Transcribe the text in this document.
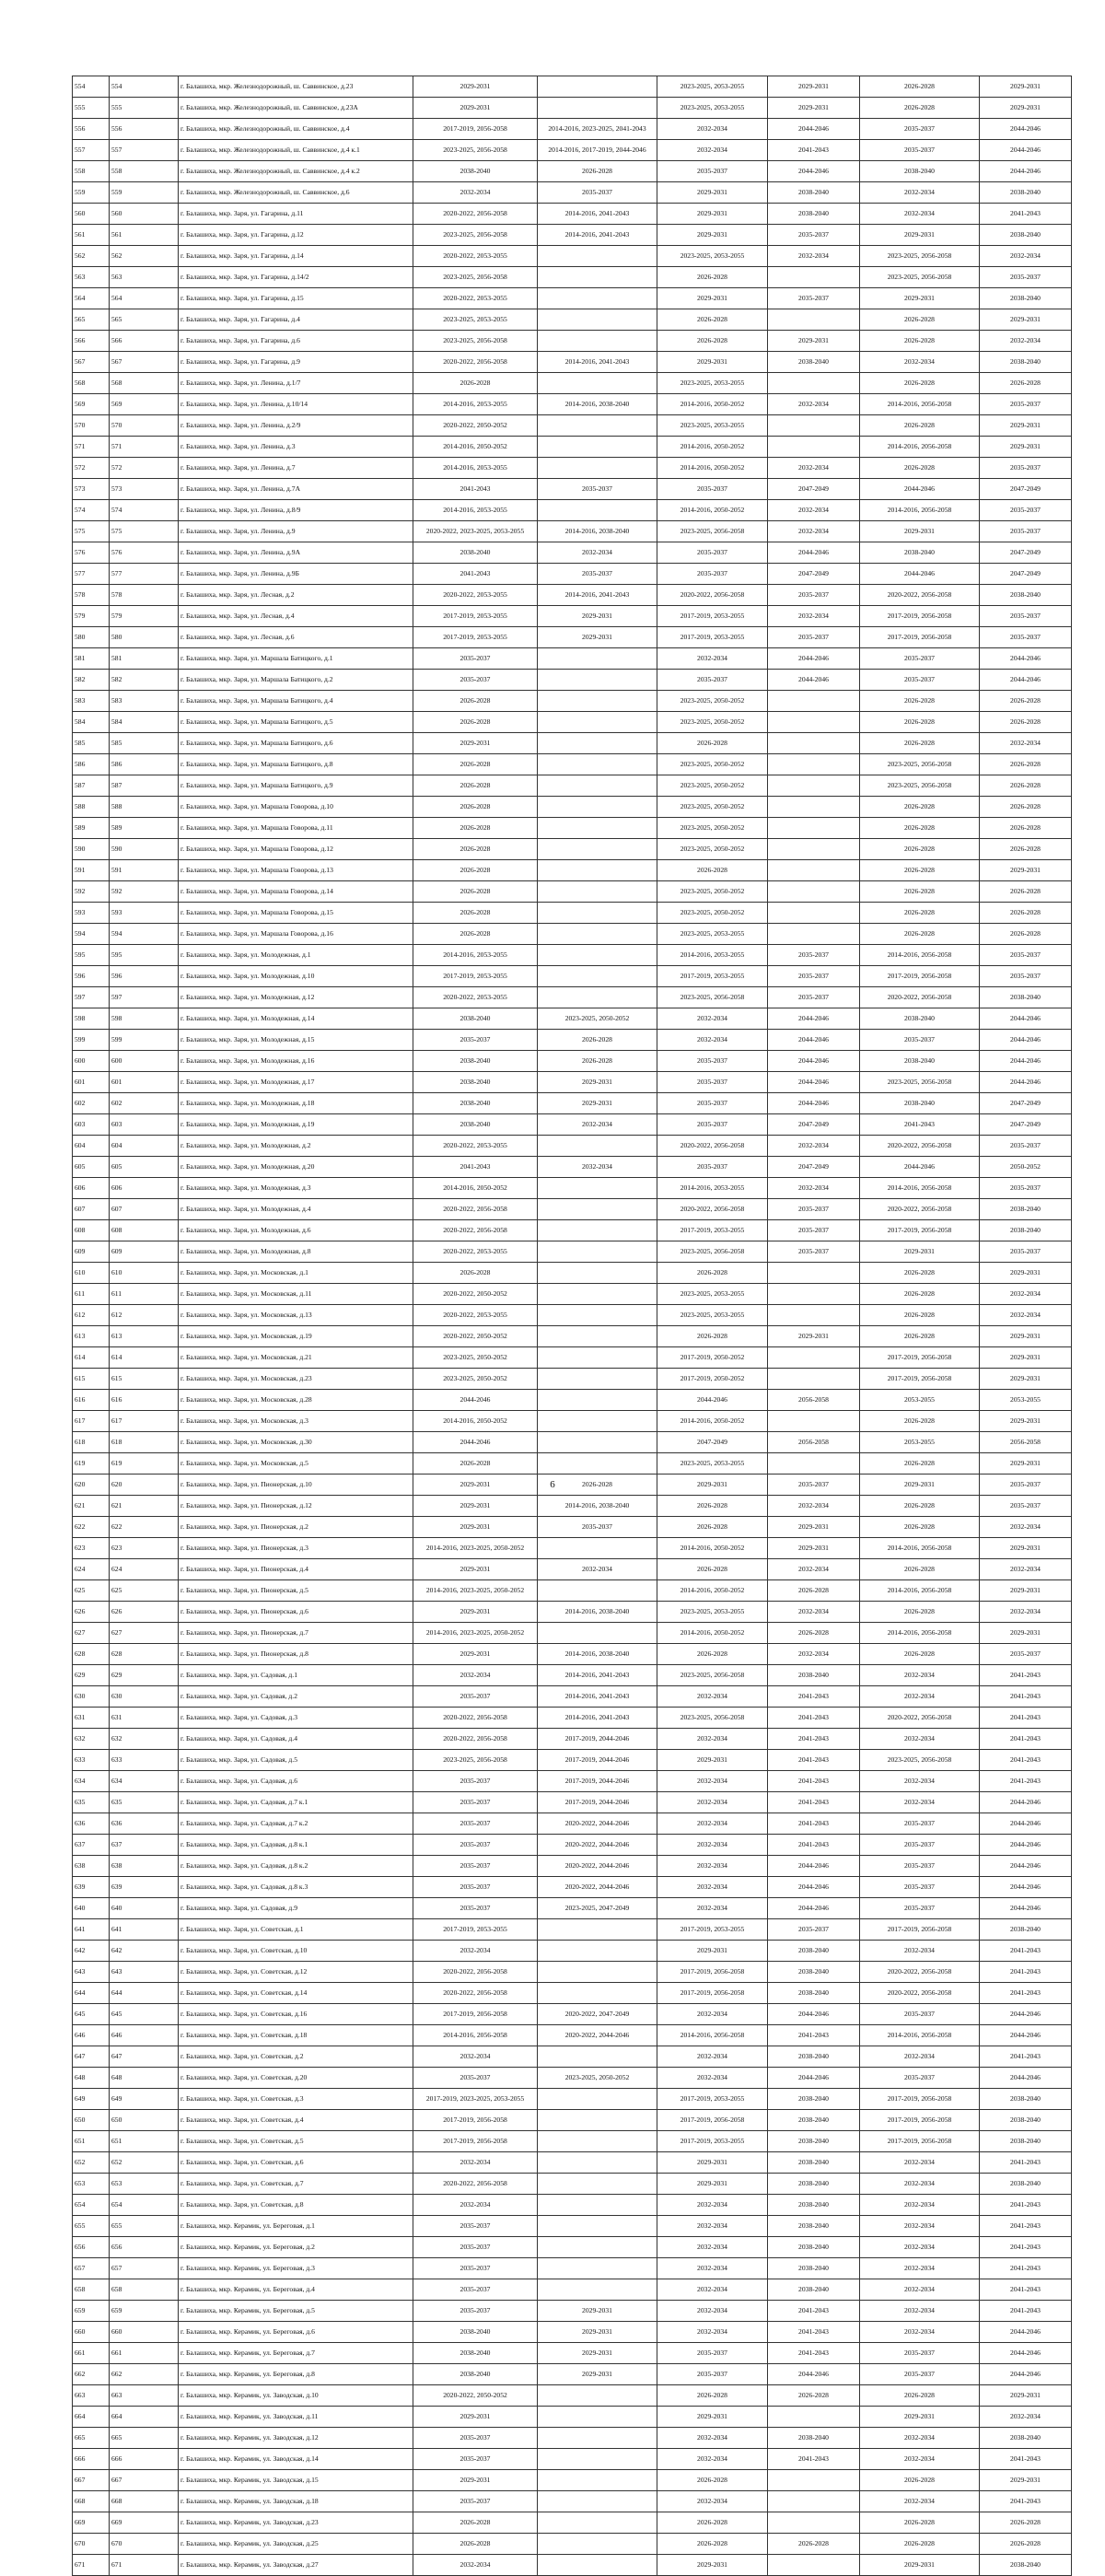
554	554	г. Балашиха, мкр. Железнодорожный, ш. Саввинское, д.23	2029-2031		2023-2025, 2053-2055	2029-2031	2026-2028	2029-2031
555	555	г. Балашиха, мкр. Железнодорожный, ш. Саввинское, д.23А	2029-2031		2023-2025, 2053-2055	2029-2031	2026-2028	2029-2031
556	556	г. Балашиха, мкр. Железнодорожный, ш. Саввинское, д.4	2017-2019, 2056-2058	2014-2016, 2023-2025, 2041-2043	2032-2034	2044-2046	2035-2037	2044-2046
557	557	г. Балашиха, мкр. Железнодорожный, ш. Саввинское, д.4 к.1	2023-2025, 2056-2058	2014-2016, 2017-2019, 2044-2046	2032-2034	2041-2043	2035-2037	2044-2046
558	558	г. Балашиха, мкр. Железнодорожный, ш. Саввинское, д.4 к.2	2038-2040	2026-2028	2035-2037	2044-2046	2038-2040	2044-2046
559	559	г. Балашиха, мкр. Железнодорожный, ш. Саввинское, д.6	2032-2034	2035-2037	2029-2031	2038-2040	2032-2034	2038-2040
560	560	г. Балашиха, мкр. Заря, ул. Гагарина, д.11	2020-2022, 2056-2058	2014-2016, 2041-2043	2029-2031	2038-2040	2032-2034	2041-2043
561	561	г. Балашиха, мкр. Заря, ул. Гагарина, д.12	2023-2025, 2056-2058	2014-2016, 2041-2043	2029-2031	2035-2037	2029-2031	2038-2040
562	562	г. Балашиха, мкр. Заря, ул. Гагарина, д.14	2020-2022, 2053-2055		2023-2025, 2053-2055	2032-2034	2023-2025, 2056-2058	2032-2034
563	563	г. Балашиха, мкр. Заря, ул. Гагарина, д.14/2	2023-2025, 2056-2058		2026-2028		2023-2025, 2056-2058	2035-2037
564	564	г. Балашиха, мкр. Заря, ул. Гагарина, д.15	2020-2022, 2053-2055		2029-2031	2035-2037	2029-2031	2038-2040
565	565	г. Балашиха, мкр. Заря, ул. Гагарина, д.4	2023-2025, 2053-2055		2026-2028		2026-2028	2029-2031
566	566	г. Балашиха, мкр. Заря, ул. Гагарина, д.6	2023-2025, 2056-2058		2026-2028	2029-2031	2026-2028	2032-2034
567	567	г. Балашиха, мкр. Заря, ул. Гагарина, д.9	2020-2022, 2056-2058	2014-2016, 2041-2043	2029-2031	2038-2040	2032-2034	2038-2040
568	568	г. Балашиха, мкр. Заря, ул. Ленина, д.1/7	2026-2028		2023-2025, 2053-2055		2026-2028	2026-2028
569	569	г. Балашиха, мкр. Заря, ул. Ленина, д.10/14	2014-2016, 2053-2055	2014-2016, 2038-2040	2014-2016, 2050-2052	2032-2034	2014-2016, 2056-2058	2035-2037
570	570	г. Балашиха, мкр. Заря, ул. Ленина, д.2/9	2020-2022, 2050-2052		2023-2025, 2053-2055		2026-2028	2029-2031
571	571	г. Балашиха, мкр. Заря, ул. Ленина, д.3	2014-2016, 2050-2052		2014-2016, 2050-2052		2014-2016, 2056-2058	2029-2031
572	572	г. Балашиха, мкр. Заря, ул. Ленина, д.7	2014-2016, 2053-2055		2014-2016, 2050-2052	2032-2034	2026-2028	2035-2037
573	573	г. Балашиха, мкр. Заря, ул. Ленина, д.7А	2041-2043	2035-2037	2035-2037	2047-2049	2044-2046	2047-2049
574	574	г. Балашиха, мкр. Заря, ул. Ленина, д.8/9	2014-2016, 2053-2055		2014-2016, 2050-2052	2032-2034	2014-2016, 2056-2058	2035-2037
575	575	г. Балашиха, мкр. Заря, ул. Ленина, д.9	2020-2022, 2023-2025, 2053-2055	2014-2016, 2038-2040	2023-2025, 2056-2058	2032-2034	2029-2031	2035-2037
576	576	г. Балашиха, мкр. Заря, ул. Ленина, д.9А	2038-2040	2032-2034	2035-2037	2044-2046	2038-2040	2047-2049
577	577	г. Балашиха, мкр. Заря, ул. Ленина, д.9Б	2041-2043	2035-2037	2035-2037	2047-2049	2044-2046	2047-2049
578	578	г. Балашиха, мкр. Заря, ул. Лесная, д.2	2020-2022, 2053-2055	2014-2016, 2041-2043	2020-2022, 2056-2058	2035-2037	2020-2022, 2056-2058	2038-2040
579	579	г. Балашиха, мкр. Заря, ул. Лесная, д.4	2017-2019, 2053-2055	2029-2031	2017-2019, 2053-2055	2032-2034	2017-2019, 2056-2058	2035-2037
580	580	г. Балашиха, мкр. Заря, ул. Лесная, д.6	2017-2019, 2053-2055	2029-2031	2017-2019, 2053-2055	2035-2037	2017-2019, 2056-2058	2035-2037
581	581	г. Балашиха, мкр. Заря, ул. Маршала Батицкого, д.1	2035-2037		2032-2034	2044-2046	2035-2037	2044-2046
582	582	г. Балашиха, мкр. Заря, ул. Маршала Батицкого, д.2	2035-2037		2035-2037	2044-2046	2035-2037	2044-2046
583	583	г. Балашиха, мкр. Заря, ул. Маршала Батицкого, д.4	2026-2028		2023-2025, 2050-2052		2026-2028	2026-2028
584	584	г. Балашиха, мкр. Заря, ул. Маршала Батицкого, д.5	2026-2028		2023-2025, 2050-2052		2026-2028	2026-2028
585	585	г. Балашиха, мкр. Заря, ул. Маршала Батицкого, д.6	2029-2031		2026-2028		2026-2028	2032-2034
586	586	г. Балашиха, мкр. Заря, ул. Маршала Батицкого, д.8	2026-2028		2023-2025, 2050-2052		2023-2025, 2056-2058	2026-2028
587	587	г. Балашиха, мкр. Заря, ул. Маршала Батицкого, д.9	2026-2028		2023-2025, 2050-2052		2023-2025, 2056-2058	2026-2028
588	588	г. Балашиха, мкр. Заря, ул. Маршала Говорова, д.10	2026-2028		2023-2025, 2050-2052		2026-2028	2026-2028
589	589	г. Балашиха, мкр. Заря, ул. Маршала Говорова, д.11	2026-2028		2023-2025, 2050-2052		2026-2028	2026-2028
590	590	г. Балашиха, мкр. Заря, ул. Маршала Говорова, д.12	2026-2028		2023-2025, 2050-2052		2026-2028	2026-2028
591	591	г. Балашиха, мкр. Заря, ул. Маршала Говорова, д.13	2026-2028		2026-2028		2026-2028	2029-2031
592	592	г. Балашиха, мкр. Заря, ул. Маршала Говорова, д.14	2026-2028		2023-2025, 2050-2052		2026-2028	2026-2028
593	593	г. Балашиха, мкр. Заря, ул. Маршала Говорова, д.15	2026-2028		2023-2025, 2050-2052		2026-2028	2026-2028
594	594	г. Балашиха, мкр. Заря, ул. Маршала Говорова, д.16	2026-2028		2023-2025, 2053-2055		2026-2028	2026-2028
595	595	г. Балашиха, мкр. Заря, ул. Молодежная, д.1	2014-2016, 2053-2055		2014-2016, 2053-2055	2035-2037	2014-2016, 2056-2058	2035-2037
596	596	г. Балашиха, мкр. Заря, ул. Молодежная, д.10	2017-2019, 2053-2055		2017-2019, 2053-2055	2035-2037	2017-2019, 2056-2058	2035-2037
597	597	г. Балашиха, мкр. Заря, ул. Молодежная, д.12	2020-2022, 2053-2055		2023-2025, 2056-2058	2035-2037	2020-2022, 2056-2058	2038-2040
598	598	г. Балашиха, мкр. Заря, ул. Молодежная, д.14	2038-2040	2023-2025, 2050-2052	2032-2034	2044-2046	2038-2040	2044-2046
599	599	г. Балашиха, мкр. Заря, ул. Молодежная, д.15	2035-2037	2026-2028	2032-2034	2044-2046	2035-2037	2044-2046
600	600	г. Балашиха, мкр. Заря, ул. Молодежная, д.16	2038-2040	2026-2028	2035-2037	2044-2046	2038-2040	2044-2046
601	601	г. Балашиха, мкр. Заря, ул. Молодежная, д.17	2038-2040	2029-2031	2035-2037	2044-2046	2023-2025, 2056-2058	2044-2046
602	602	г. Балашиха, мкр. Заря, ул. Молодежная, д.18	2038-2040	2029-2031	2035-2037	2044-2046	2038-2040	2047-2049
603	603	г. Балашиха, мкр. Заря, ул. Молодежная, д.19	2038-2040	2032-2034	2035-2037	2047-2049	2041-2043	2047-2049
604	604	г. Балашиха, мкр. Заря, ул. Молодежная, д.2	2020-2022, 2053-2055		2020-2022, 2056-2058	2032-2034	2020-2022, 2056-2058	2035-2037
605	605	г. Балашиха, мкр. Заря, ул. Молодежная, д.20	2041-2043	2032-2034	2035-2037	2047-2049	2044-2046	2050-2052
606	606	г. Балашиха, мкр. Заря, ул. Молодежная, д.3	2014-2016, 2050-2052		2014-2016, 2053-2055	2032-2034	2014-2016, 2056-2058	2035-2037
607	607	г. Балашиха, мкр. Заря, ул. Молодежная, д.4	2020-2022, 2056-2058		2020-2022, 2056-2058	2035-2037	2020-2022, 2056-2058	2038-2040
608	608	г. Балашиха, мкр. Заря, ул. Молодежная, д.6	2020-2022, 2056-2058		2017-2019, 2053-2055	2035-2037	2017-2019, 2056-2058	2038-2040
609	609	г. Балашиха, мкр. Заря, ул. Молодежная, д.8	2020-2022, 2053-2055		2023-2025, 2056-2058	2035-2037	2029-2031	2035-2037
610	610	г. Балашиха, мкр. Заря, ул. Московская, д.1	2026-2028		2026-2028		2026-2028	2029-2031
611	611	г. Балашиха, мкр. Заря, ул. Московская, д.11	2020-2022, 2050-2052		2023-2025, 2053-2055		2026-2028	2032-2034
612	612	г. Балашиха, мкр. Заря, ул. Московская, д.13	2020-2022, 2053-2055		2023-2025, 2053-2055		2026-2028	2032-2034
613	613	г. Балашиха, мкр. Заря, ул. Московская, д.19	2020-2022, 2050-2052		2026-2028	2029-2031	2026-2028	2029-2031
614	614	г. Балашиха, мкр. Заря, ул. Московская, д.21	2023-2025, 2050-2052		2017-2019, 2050-2052		2017-2019, 2056-2058	2029-2031
615	615	г. Балашиха, мкр. Заря, ул. Московская, д.23	2023-2025, 2050-2052		2017-2019, 2050-2052		2017-2019, 2056-2058	2029-2031
616	616	г. Балашиха, мкр. Заря, ул. Московская, д.28	2044-2046		2044-2046	2056-2058	2053-2055	2053-2055
617	617	г. Балашиха, мкр. Заря, ул. Московская, д.3	2014-2016, 2050-2052		2014-2016, 2050-2052		2026-2028	2029-2031
618	618	г. Балашиха, мкр. Заря, ул. Московская, д.30	2044-2046		2047-2049	2056-2058	2053-2055	2056-2058
619	619	г. Балашиха, мкр. Заря, ул. Московская, д.5	2026-2028		2023-2025, 2053-2055		2026-2028	2029-2031
620	620	г. Балашиха, мкр. Заря, ул. Пионерская, д.10	2029-2031	2026-2028	2029-2031	2035-2037	2029-2031	2035-2037
621	621	г. Балашиха, мкр. Заря, ул. Пионерская, д.12	2029-2031	2014-2016, 2038-2040	2026-2028	2032-2034	2026-2028	2035-2037
622	622	г. Балашиха, мкр. Заря, ул. Пионерская, д.2	2029-2031	2035-2037	2026-2028	2029-2031	2026-2028	2032-2034
623	623	г. Балашиха, мкр. Заря, ул. Пионерская, д.3	2014-2016, 2023-2025, 2050-2052		2014-2016, 2050-2052	2029-2031	2014-2016, 2056-2058	2029-2031
624	624	г. Балашиха, мкр. Заря, ул. Пионерская, д.4	2029-2031	2032-2034	2026-2028	2032-2034	2026-2028	2032-2034
625	625	г. Балашиха, мкр. Заря, ул. Пионерская, д.5	2014-2016, 2023-2025, 2050-2052		2014-2016, 2050-2052	2026-2028	2014-2016, 2056-2058	2029-2031
626	626	г. Балашиха, мкр. Заря, ул. Пионерская, д.6	2029-2031	2014-2016, 2038-2040	2023-2025, 2053-2055	2032-2034	2026-2028	2032-2034
627	627	г. Балашиха, мкр. Заря, ул. Пионерская, д.7	2014-2016, 2023-2025, 2050-2052		2014-2016, 2050-2052	2026-2028	2014-2016, 2056-2058	2029-2031
628	628	г. Балашиха, мкр. Заря, ул. Пионерская, д.8	2029-2031	2014-2016, 2038-2040	2026-2028	2032-2034	2026-2028	2035-2037
629	629	г. Балашиха, мкр. Заря, ул. Садовая, д.1	2032-2034	2014-2016, 2041-2043	2023-2025, 2056-2058	2038-2040	2032-2034	2041-2043
630	630	г. Балашиха, мкр. Заря, ул. Садовая, д.2	2035-2037	2014-2016, 2041-2043	2032-2034	2041-2043	2032-2034	2041-2043
631	631	г. Балашиха, мкр. Заря, ул. Садовая, д.3	2020-2022, 2056-2058	2014-2016, 2041-2043	2023-2025, 2056-2058	2041-2043	2020-2022, 2056-2058	2041-2043
632	632	г. Балашиха, мкр. Заря, ул. Садовая, д.4	2020-2022, 2056-2058	2017-2019, 2044-2046	2032-2034	2041-2043	2032-2034	2041-2043
633	633	г. Балашиха, мкр. Заря, ул. Садовая, д.5	2023-2025, 2056-2058	2017-2019, 2044-2046	2029-2031	2041-2043	2023-2025, 2056-2058	2041-2043
634	634	г. Балашиха, мкр. Заря, ул. Садовая, д.6	2035-2037	2017-2019, 2044-2046	2032-2034	2041-2043	2032-2034	2041-2043
635	635	г. Балашиха, мкр. Заря, ул. Садовая, д.7 к.1	2035-2037	2017-2019, 2044-2046	2032-2034	2041-2043	2032-2034	2044-2046
636	636	г. Балашиха, мкр. Заря, ул. Садовая, д.7 к.2	2035-2037	2020-2022, 2044-2046	2032-2034	2041-2043	2035-2037	2044-2046
637	637	г. Балашиха, мкр. Заря, ул. Садовая, д.8 к.1	2035-2037	2020-2022, 2044-2046	2032-2034	2041-2043	2035-2037	2044-2046
638	638	г. Балашиха, мкр. Заря, ул. Садовая, д.8 к.2	2035-2037	2020-2022, 2044-2046	2032-2034	2044-2046	2035-2037	2044-2046
639	639	г. Балашиха, мкр. Заря, ул. Садовая, д.8 к.3	2035-2037	2020-2022, 2044-2046	2032-2034	2044-2046	2035-2037	2044-2046
640	640	г. Балашиха, мкр. Заря, ул. Садовая, д.9	2035-2037	2023-2025, 2047-2049	2032-2034	2044-2046	2035-2037	2044-2046
641	641	г. Балашиха, мкр. Заря, ул. Советская, д.1	2017-2019, 2053-2055		2017-2019, 2053-2055	2035-2037	2017-2019, 2056-2058	2038-2040
642	642	г. Балашиха, мкр. Заря, ул. Советская, д.10	2032-2034		2029-2031	2038-2040	2032-2034	2041-2043
643	643	г. Балашиха, мкр. Заря, ул. Советская, д.12	2020-2022, 2056-2058		2017-2019, 2056-2058	2038-2040	2020-2022, 2056-2058	2041-2043
644	644	г. Балашиха, мкр. Заря, ул. Советская, д.14	2020-2022, 2056-2058		2017-2019, 2056-2058	2038-2040	2020-2022, 2056-2058	2041-2043
645	645	г. Балашиха, мкр. Заря, ул. Советская, д.16	2017-2019, 2056-2058	2020-2022, 2047-2049	2032-2034	2044-2046	2035-2037	2044-2046
646	646	г. Балашиха, мкр. Заря, ул. Советская, д.18	2014-2016, 2056-2058	2020-2022, 2044-2046	2014-2016, 2056-2058	2041-2043	2014-2016, 2056-2058	2044-2046
647	647	г. Балашиха, мкр. Заря, ул. Советская, д.2	2032-2034		2032-2034	2038-2040	2032-2034	2041-2043
648	648	г. Балашиха, мкр. Заря, ул. Советская, д.20	2035-2037	2023-2025, 2050-2052	2032-2034	2044-2046	2035-2037	2044-2046
649	649	г. Балашиха, мкр. Заря, ул. Советская, д.3	2017-2019, 2023-2025, 2053-2055		2017-2019, 2053-2055	2038-2040	2017-2019, 2056-2058	2038-2040
650	650	г. Балашиха, мкр. Заря, ул. Советская, д.4	2017-2019, 2056-2058		2017-2019, 2056-2058	2038-2040	2017-2019, 2056-2058	2038-2040
651	651	г. Балашиха, мкр. Заря, ул. Советская, д.5	2017-2019, 2056-2058		2017-2019, 2053-2055	2038-2040	2017-2019, 2056-2058	2038-2040
652	652	г. Балашиха, мкр. Заря, ул. Советская, д.6	2032-2034		2029-2031	2038-2040	2032-2034	2041-2043
653	653	г. Балашиха, мкр. Заря, ул. Советская, д.7	2020-2022, 2056-2058		2029-2031	2038-2040	2032-2034	2038-2040
654	654	г. Балашиха, мкр. Заря, ул. Советская, д.8	2032-2034		2032-2034	2038-2040	2032-2034	2041-2043
655	655	г. Балашиха, мкр. Керамик, ул. Береговая, д.1	2035-2037		2032-2034	2038-2040	2032-2034	2041-2043
656	656	г. Балашиха, мкр. Керамик, ул. Береговая, д.2	2035-2037		2032-2034	2038-2040	2032-2034	2041-2043
657	657	г. Балашиха, мкр. Керамик, ул. Береговая, д.3	2035-2037		2032-2034	2038-2040	2032-2034	2041-2043
658	658	г. Балашиха, мкр. Керамик, ул. Береговая, д.4	2035-2037		2032-2034	2038-2040	2032-2034	2041-2043
659	659	г. Балашиха, мкр. Керамик, ул. Береговая, д.5	2035-2037	2029-2031	2032-2034	2041-2043	2032-2034	2041-2043
660	660	г. Балашиха, мкр. Керамик, ул. Береговая, д.6	2038-2040	2029-2031	2032-2034	2041-2043	2032-2034	2044-2046
661	661	г. Балашиха, мкр. Керамик, ул. Береговая, д.7	2038-2040	2029-2031	2035-2037	2041-2043	2035-2037	2044-2046
662	662	г. Балашиха, мкр. Керамик, ул. Береговая, д.8	2038-2040	2029-2031	2035-2037	2044-2046	2035-2037	2044-2046
663	663	г. Балашиха, мкр. Керамик, ул. Заводская, д.10	2020-2022, 2050-2052		2026-2028	2026-2028	2026-2028	2029-2031
664	664	г. Балашиха, мкр. Керамик, ул. Заводская, д.11	2029-2031		2029-2031		2029-2031	2032-2034
665	665	г. Балашиха, мкр. Керамик, ул. Заводская, д.12	2035-2037		2032-2034	2038-2040	2032-2034	2038-2040
666	666	г. Балашиха, мкр. Керамик, ул. Заводская, д.14	2035-2037		2032-2034	2041-2043	2032-2034	2041-2043
667	667	г. Балашиха, мкр. Керамик, ул. Заводская, д.15	2029-2031		2026-2028		2026-2028	2029-2031
668	668	г. Балашиха, мкр. Керамик, ул. Заводская, д.18	2035-2037		2032-2034		2032-2034	2041-2043
669	669	г. Балашиха, мкр. Керамик, ул. Заводская, д.23	2026-2028		2026-2028		2026-2028	2026-2028
670	670	г. Балашиха, мкр. Керамик, ул. Заводская, д.25	2026-2028		2026-2028	2026-2028	2026-2028	2026-2028
671	671	г. Балашиха, мкр. Керамик, ул. Заводская, д.27	2032-2034		2029-2031		2029-2031	2038-2040
6
